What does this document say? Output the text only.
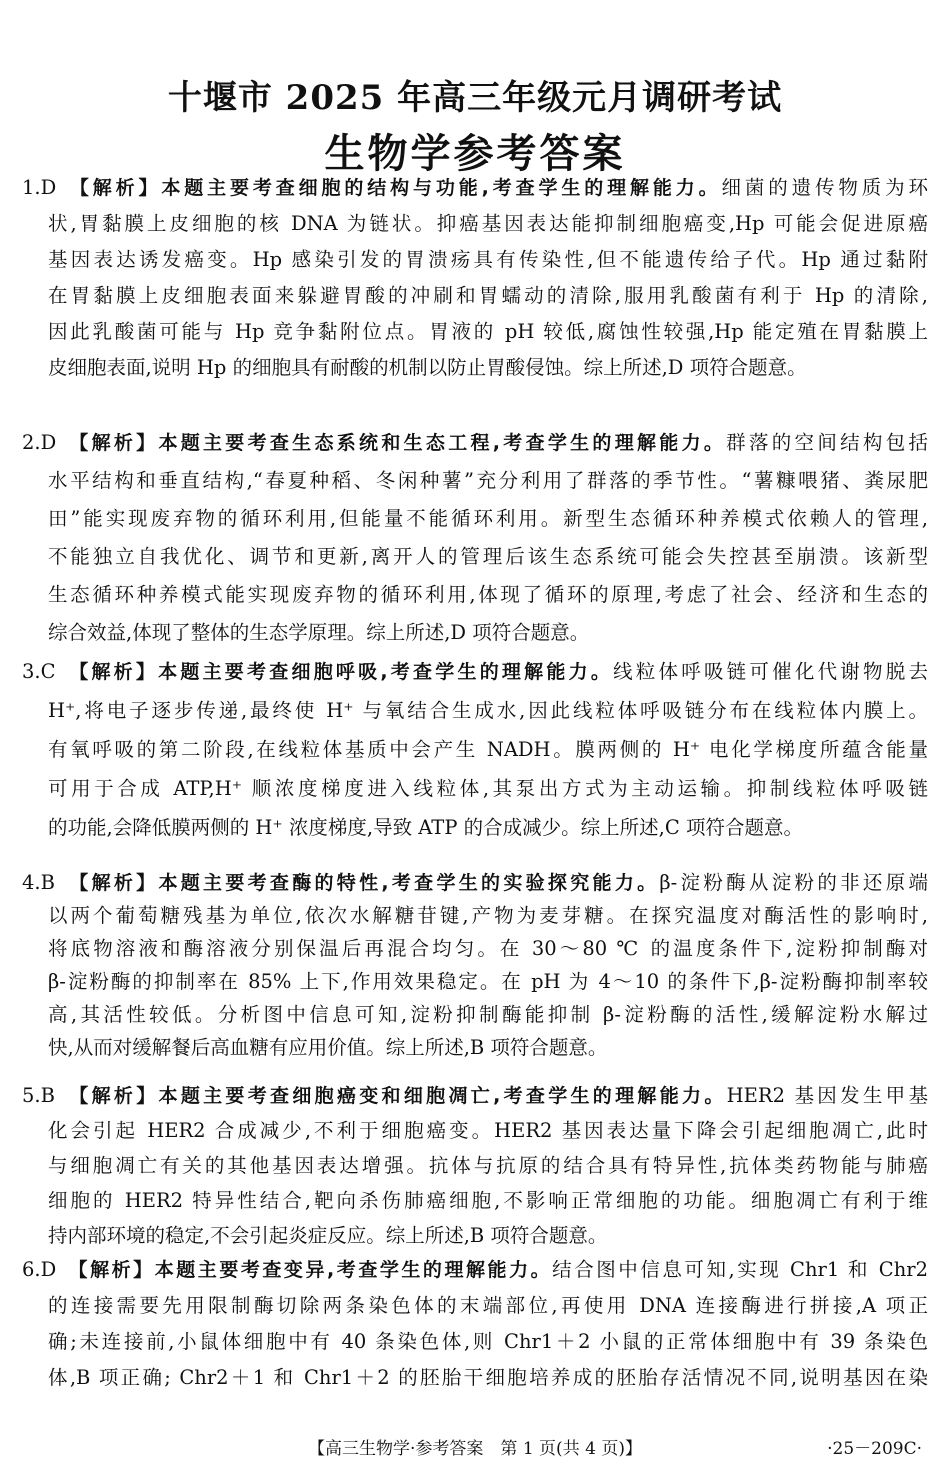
十堰市 2025 年高三年级元月调研考试
生物学参考答案
1.D 【解析】本题主要考查细胞的结构与功能,考查学生的理解能力。细菌的遗传物质为环
状,胃黏膜上皮细胞的核 DNA 为链状。抑癌基因表达能抑制细胞癌变,Hp 可能会促进原癌
基因表达诱发癌变。Hp 感染引发的胃溃疡具有传染性,但不能遗传给子代。Hp 通过黏附
在胃黏膜上皮细胞表面来躲避胃酸的冲刷和胃蠕动的清除,服用乳酸菌有利于 Hp 的清除,
因此乳酸菌可能与 Hp 竞争黏附位点。胃液的 pH 较低,腐蚀性较强,Hp 能定殖在胃黏膜上
皮细胞表面,说明 Hp 的细胞具有耐酸的机制以防止胃酸侵蚀。综上所述,D 项符合题意。
2.D 【解析】本题主要考查生态系统和生态工程,考查学生的理解能力。群落的空间结构包括
水平结构和垂直结构,“春夏种稻、冬闲种薯”充分利用了群落的季节性。“薯糠喂猪、粪尿肥
田”能实现废弃物的循环利用,但能量不能循环利用。新型生态循环种养模式依赖人的管理,
不能独立自我优化、调节和更新,离开人的管理后该生态系统可能会失控甚至崩溃。该新型
生态循环种养模式能实现废弃物的循环利用,体现了循环的原理,考虑了社会、经济和生态的
综合效益,体现了整体的生态学原理。综上所述,D 项符合题意。
3.C 【解析】本题主要考查细胞呼吸,考查学生的理解能力。线粒体呼吸链可催化代谢物脱去
H⁺,将电子逐步传递,最终使 H⁺ 与氧结合生成水,因此线粒体呼吸链分布在线粒体内膜上。
有氧呼吸的第二阶段,在线粒体基质中会产生 NADH。膜两侧的 H⁺ 电化学梯度所蕴含能量
可用于合成 ATP,H⁺ 顺浓度梯度进入线粒体,其泵出方式为主动运输。抑制线粒体呼吸链
的功能,会降低膜两侧的 H⁺ 浓度梯度,导致 ATP 的合成减少。综上所述,C 项符合题意。
4.B 【解析】本题主要考查酶的特性,考查学生的实验探究能力。β-淀粉酶从淀粉的非还原端
以两个葡萄糖残基为单位,依次水解糖苷键,产物为麦芽糖。在探究温度对酶活性的影响时,
将底物溶液和酶溶液分别保温后再混合均匀。在 30～80 ℃ 的温度条件下,淀粉抑制酶对
β-淀粉酶的抑制率在 85% 上下,作用效果稳定。在 pH 为 4～10 的条件下,β-淀粉酶抑制率较
高,其活性较低。分析图中信息可知,淀粉抑制酶能抑制 β-淀粉酶的活性,缓解淀粉水解过
快,从而对缓解餐后高血糖有应用价值。综上所述,B 项符合题意。
5.B 【解析】本题主要考查细胞癌变和细胞凋亡,考查学生的理解能力。HER2 基因发生甲基
化会引起 HER2 合成减少,不利于细胞癌变。HER2 基因表达量下降会引起细胞凋亡,此时
与细胞凋亡有关的其他基因表达增强。抗体与抗原的结合具有特异性,抗体类药物能与肺癌
细胞的 HER2 特异性结合,靶向杀伤肺癌细胞,不影响正常细胞的功能。细胞凋亡有利于维
持内部环境的稳定,不会引起炎症反应。综上所述,B 项符合题意。
6.D 【解析】本题主要考查变异,考查学生的理解能力。结合图中信息可知,实现 Chr1 和 Chr2
的连接需要先用限制酶切除两条染色体的末端部位,再使用 DNA 连接酶进行拼接,A 项正
确;未连接前,小鼠体细胞中有 40 条染色体,则 Chr1＋2 小鼠的正常体细胞中有 39 条染色
体,B 项正确; Chr2＋1 和 Chr1＋2 的胚胎干细胞培养成的胚胎存活情况不同,说明基因在染
【高三生物学·参考答案　第 1 页(共 4 页)】	·25－209C·
